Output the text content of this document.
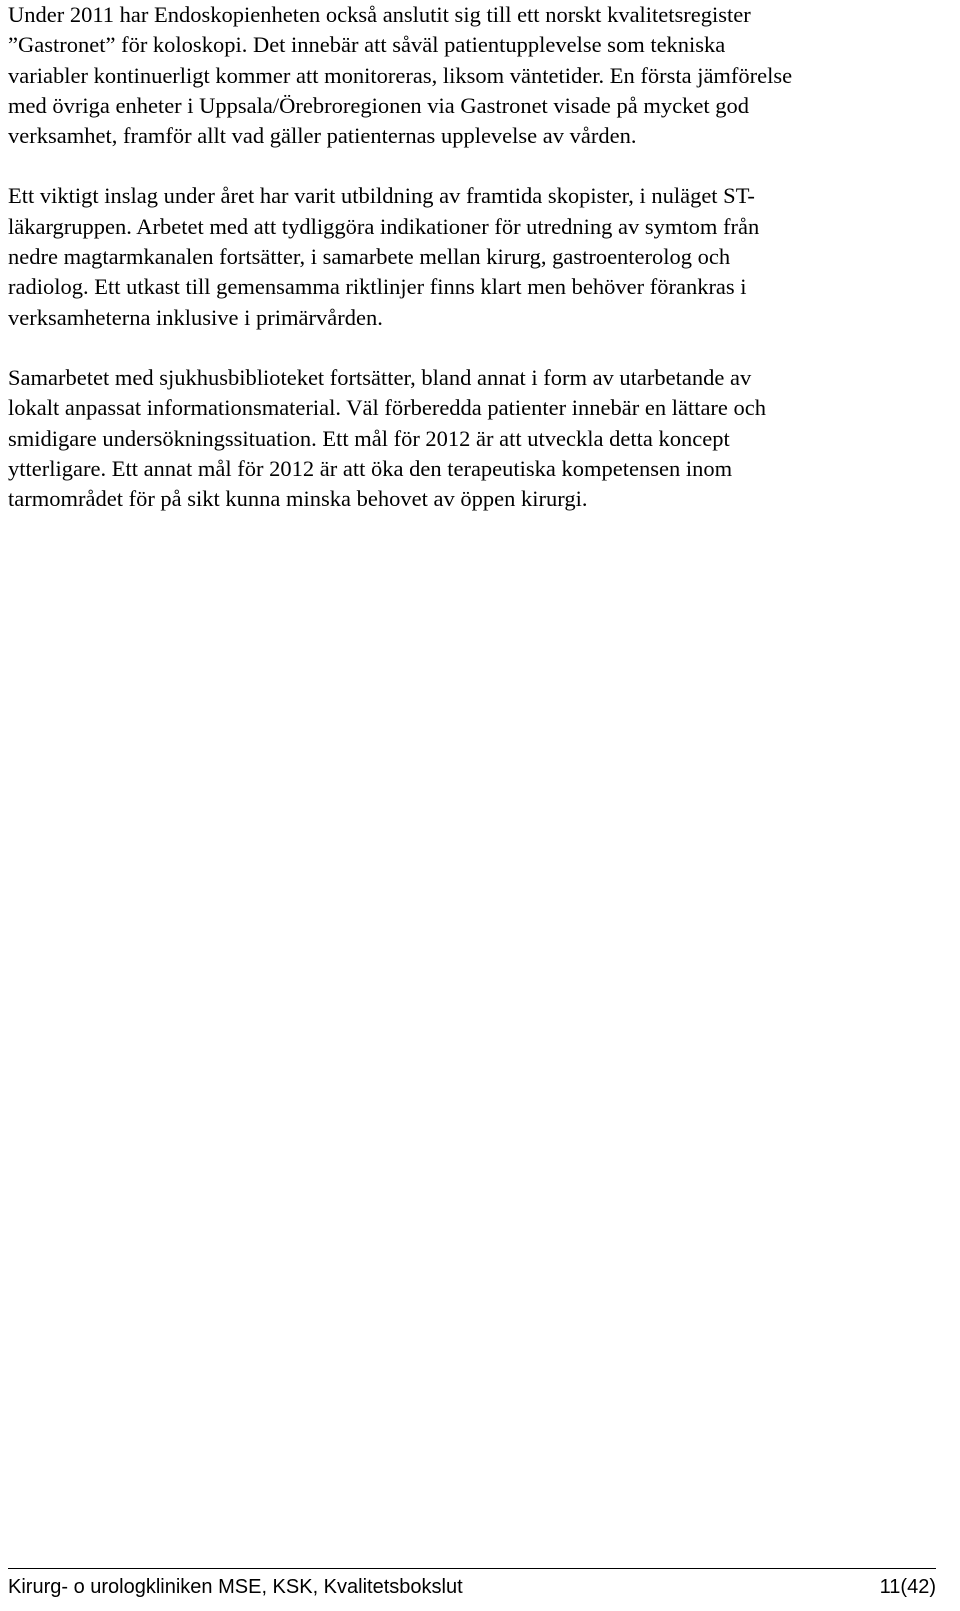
Under 2011 har Endoskopienheten också anslutit sig till ett norskt kvalitetsregister
”Gastronet” för koloskopi. Det innebär att såväl patientupplevelse som tekniska
variabler kontinuerligt kommer att monitoreras, liksom väntetider. En första jämförelse
med övriga enheter i Uppsala/Örebroregionen via Gastronet visade på mycket god
verksamhet, framför allt vad gäller patienternas upplevelse av vården.

Ett viktigt inslag under året har varit utbildning av framtida skopister, i nuläget ST-
läkargruppen. Arbetet med att tydliggöra indikationer för utredning av symtom från
nedre magtarmkanalen fortsätter, i samarbete mellan kirurg, gastroenterolog och
radiolog. Ett utkast till gemensamma riktlinjer finns klart men behöver förankras i
verksamheterna inklusive i primärvården.

Samarbetet med sjukhusbiblioteket fortsätter, bland annat i form av utarbetande av
lokalt anpassat informationsmaterial. Väl förberedda patienter innebär en lättare och
smidigare undersökningssituation. Ett mål för 2012 är att utveckla detta koncept
ytterligare. Ett annat mål för 2012 är att öka den terapeutiska kompetensen inom
tarmområdet för på sikt kunna minska behovet av öppen kirurgi.

Kirurg- o urologkliniken MSE, KSK, Kvalitetsbokslut	11(42)
